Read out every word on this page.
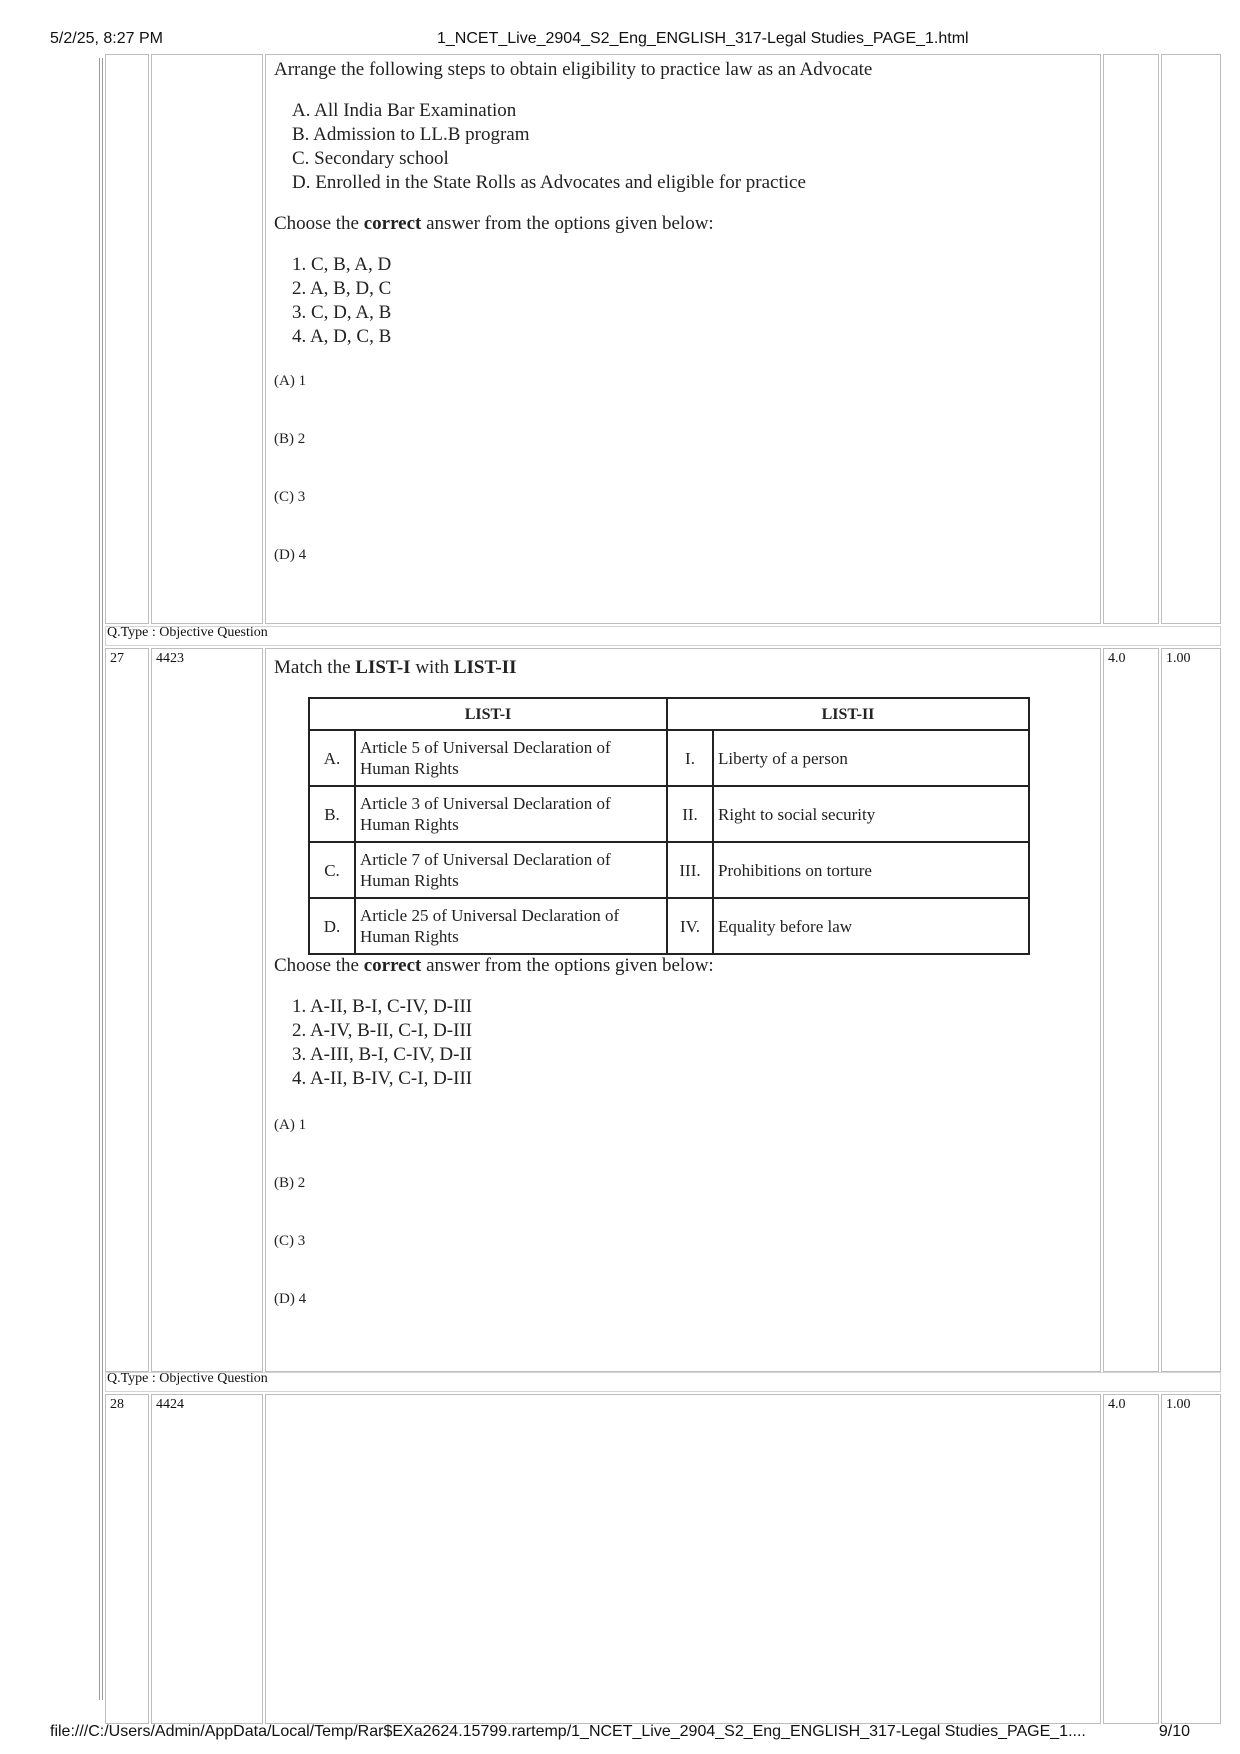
5/2/25, 8:27 PM	1_NCET_Live_2904_S2_Eng_ENGLISH_317-Legal Studies_PAGE_1.html
Arrange the following steps to obtain eligibility to practice law as an Advocate
A. All India Bar Examination
B. Admission to LL.B program
C. Secondary school
D. Enrolled in the State Rolls as Advocates and eligible for practice
Choose the correct answer from the options given below:
1. C, B, A, D
2. A, B, D, C
3. C, D, A, B
4. A, D, C, B
(A) 1
(B) 2
(C) 3
(D) 4
Q.Type : Objective Question
27 4423	Match the LIST-I with LIST-II
LIST-I		LIST-II	
A.	Article 5 of Universal Declaration of Human Rights	I.	Liberty of a person
B.	Article 3 of Universal Declaration of Human Rights	II.	Right to social security
C.	Article 7 of Universal Declaration of Human Rights	III.	Prohibitions on torture
D.	Article 25 of Universal Declaration of Human Rights	IV.	Equality before law
Choose the correct answer from the options given below:
1. A-II, B-I, C-IV, D-III
2. A-IV, B-II, C-I, D-III
3. A-III, B-I, C-IV, D-II
4. A-II, B-IV, C-I, D-III
(A) 1
(B) 2
(C) 3
(D) 4
4.0	1.00
Q.Type : Objective Question
28 4424	4.0	1.00
file:///C:/Users/Admin/AppData/Local/Temp/Rar$EXa2624.15799.rartemp/1_NCET_Live_2904_S2_Eng_ENGLISH_317-Legal Studies_PAGE_1....	9/10
